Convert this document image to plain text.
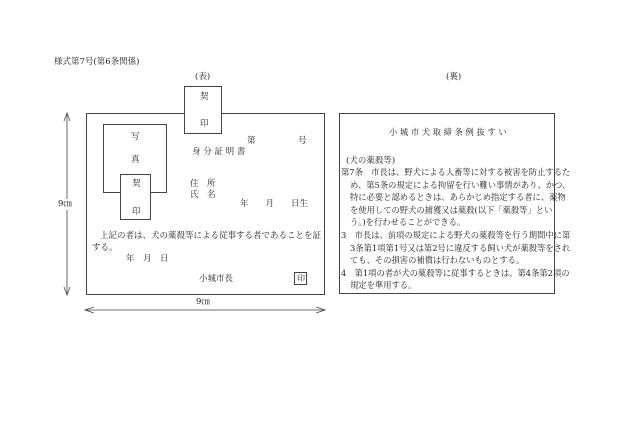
様式第7号(第6条関係)
(表)
9㎝
9㎝
契
印
写
真
契
印
第	号
身 分 証 明 書
住　所
氏　名
年　　月　　日生
上記の者は、犬の薬殺等による従事する者であることを証
する。
年　月　日
小城市長	印
(裏)
小 城 市 犬 取 締 条 例 抜 す い
(犬の薬殺等)
第7条　市長は、野犬による人畜等に対する被害を防止するた
め、第5条の規定による拘留を行い難い事情があり、かつ、
特に必要と認めるときは、あらかじめ指定する者に、薬物
を使用しての野犬の捕獲又は薬殺(以下「薬殺等」とい
う。)を行わせることができる。
3　市長は、前項の規定による野犬の薬殺等を行う期間中に第
3条第1項第1号又は第2号に違反する飼い犬が薬殺等をされ
ても、その損害の補償は行わないものとする。
4　第1項の者が犬の薬殺等に従事するときは、第4条第2項の
規定を準用する。
